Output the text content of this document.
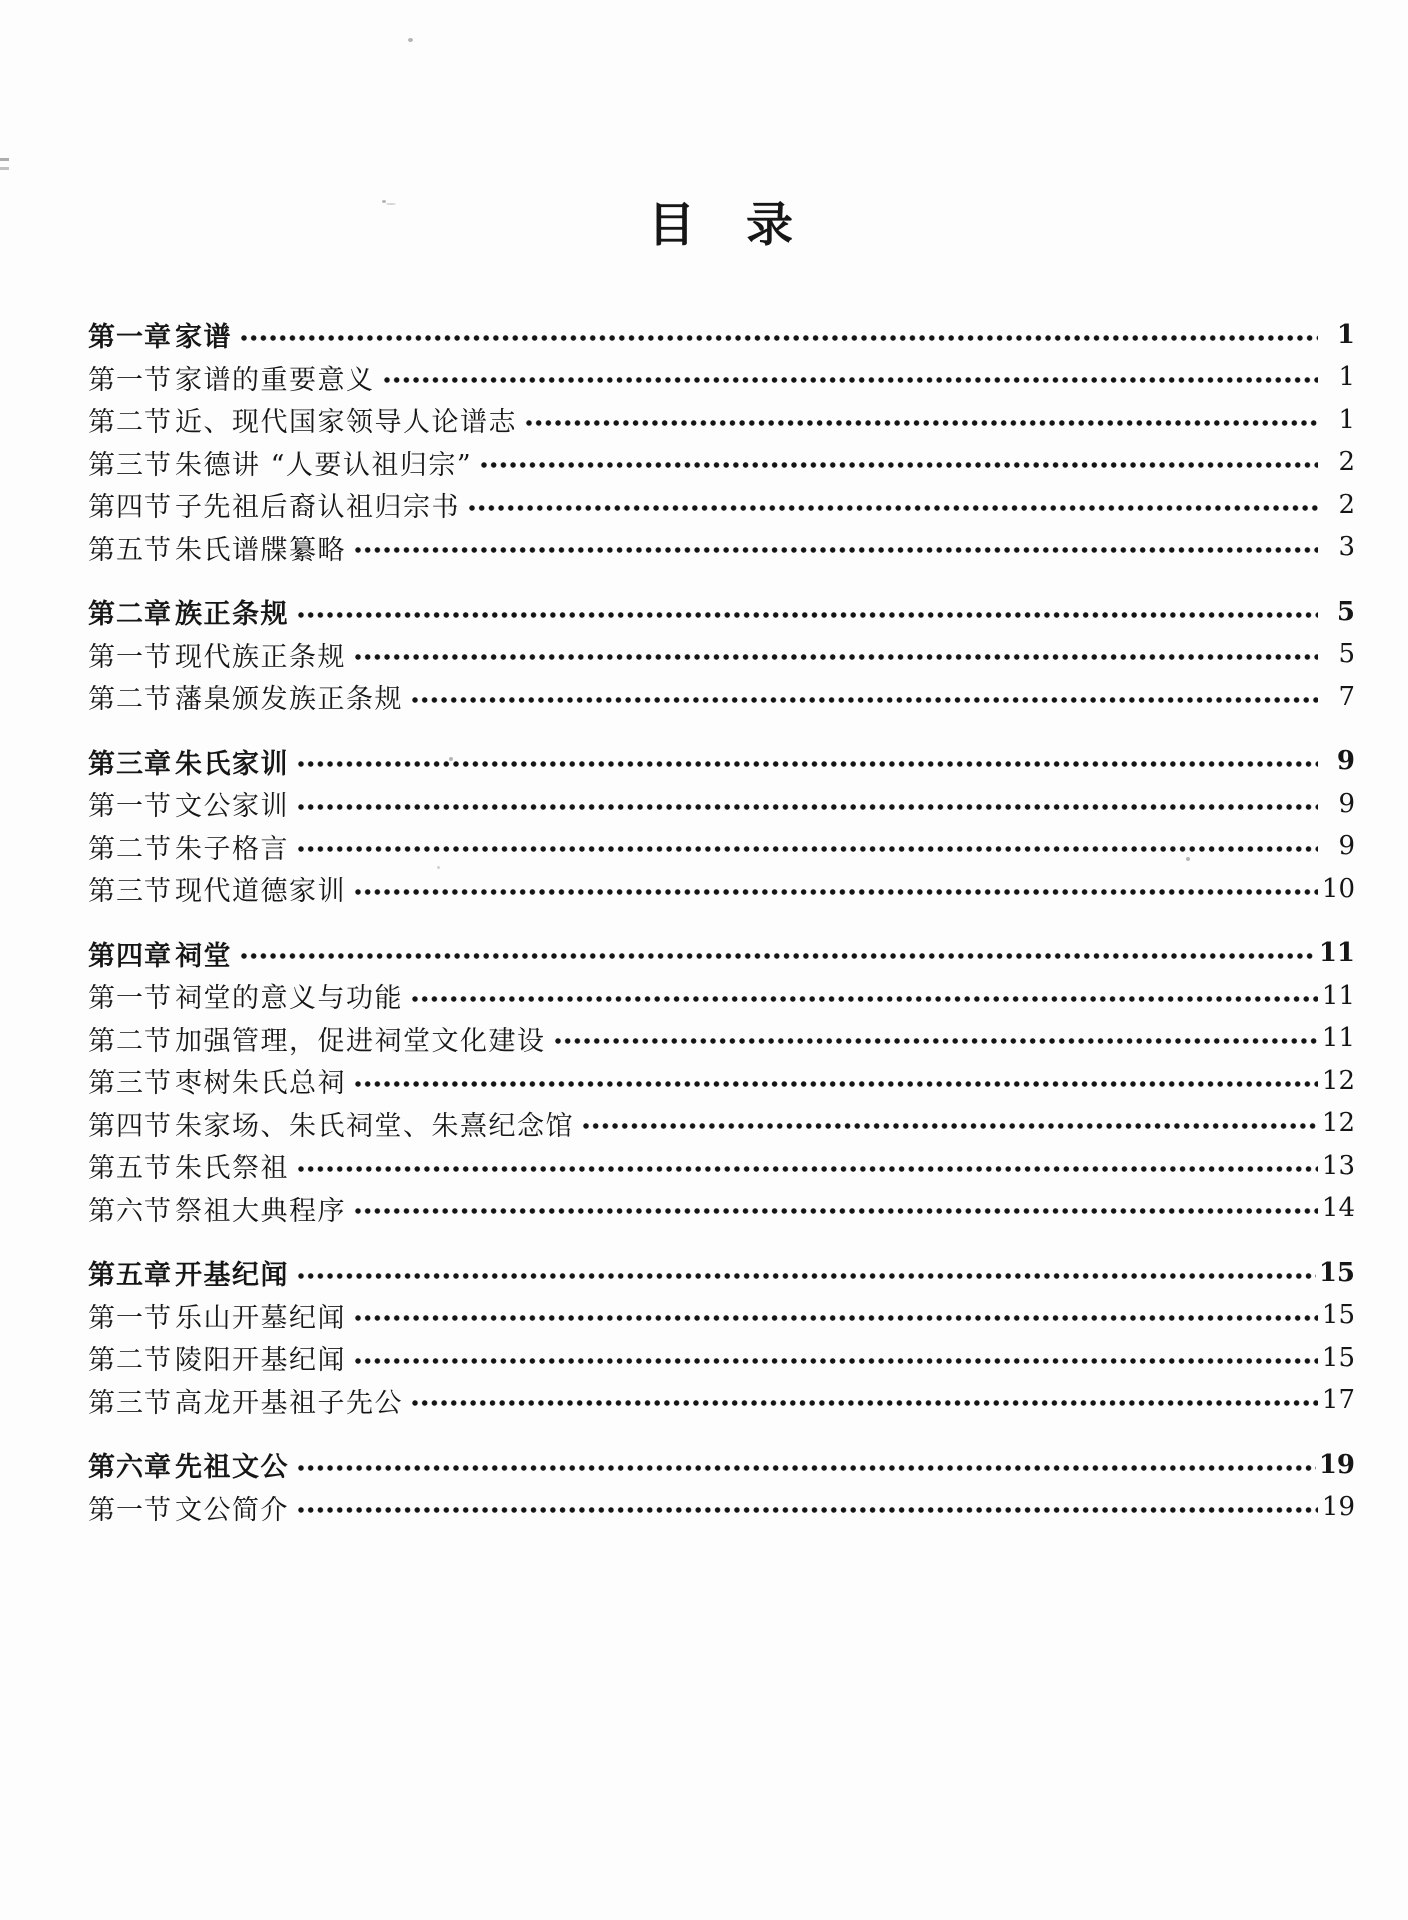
目　录
第一章 家谱	1
第一节 家谱的重要意义	1
第二节 近、现代国家领导人论谱志	1
第三节 朱德讲 “人要认祖归宗”	2
第四节 子先祖后裔认祖归宗书	2
第五节 朱氏谱牒纂略	3
第二章 族正条规	5
第一节 现代族正条规	5
第二节 藩臬颁发族正条规	7
第三章 朱氏家训	9
第一节 文公家训	9
第二节 朱子格言	9
第三节 现代道德家训	10
第四章 祠堂	11
第一节 祠堂的意义与功能	11
第二节 加强管理，促进祠堂文化建设	11
第三节 枣树朱氏总祠	12
第四节 朱家场、朱氏祠堂、朱熹纪念馆	12
第五节 朱氏祭祖	13
第六节 祭祖大典程序	14
第五章 开基纪闻	15
第一节 乐山开墓纪闻	15
第二节 陵阳开基纪闻	15
第三节 高龙开基祖子先公	17
第六章 先祖文公	19
第一节 文公简介	19
